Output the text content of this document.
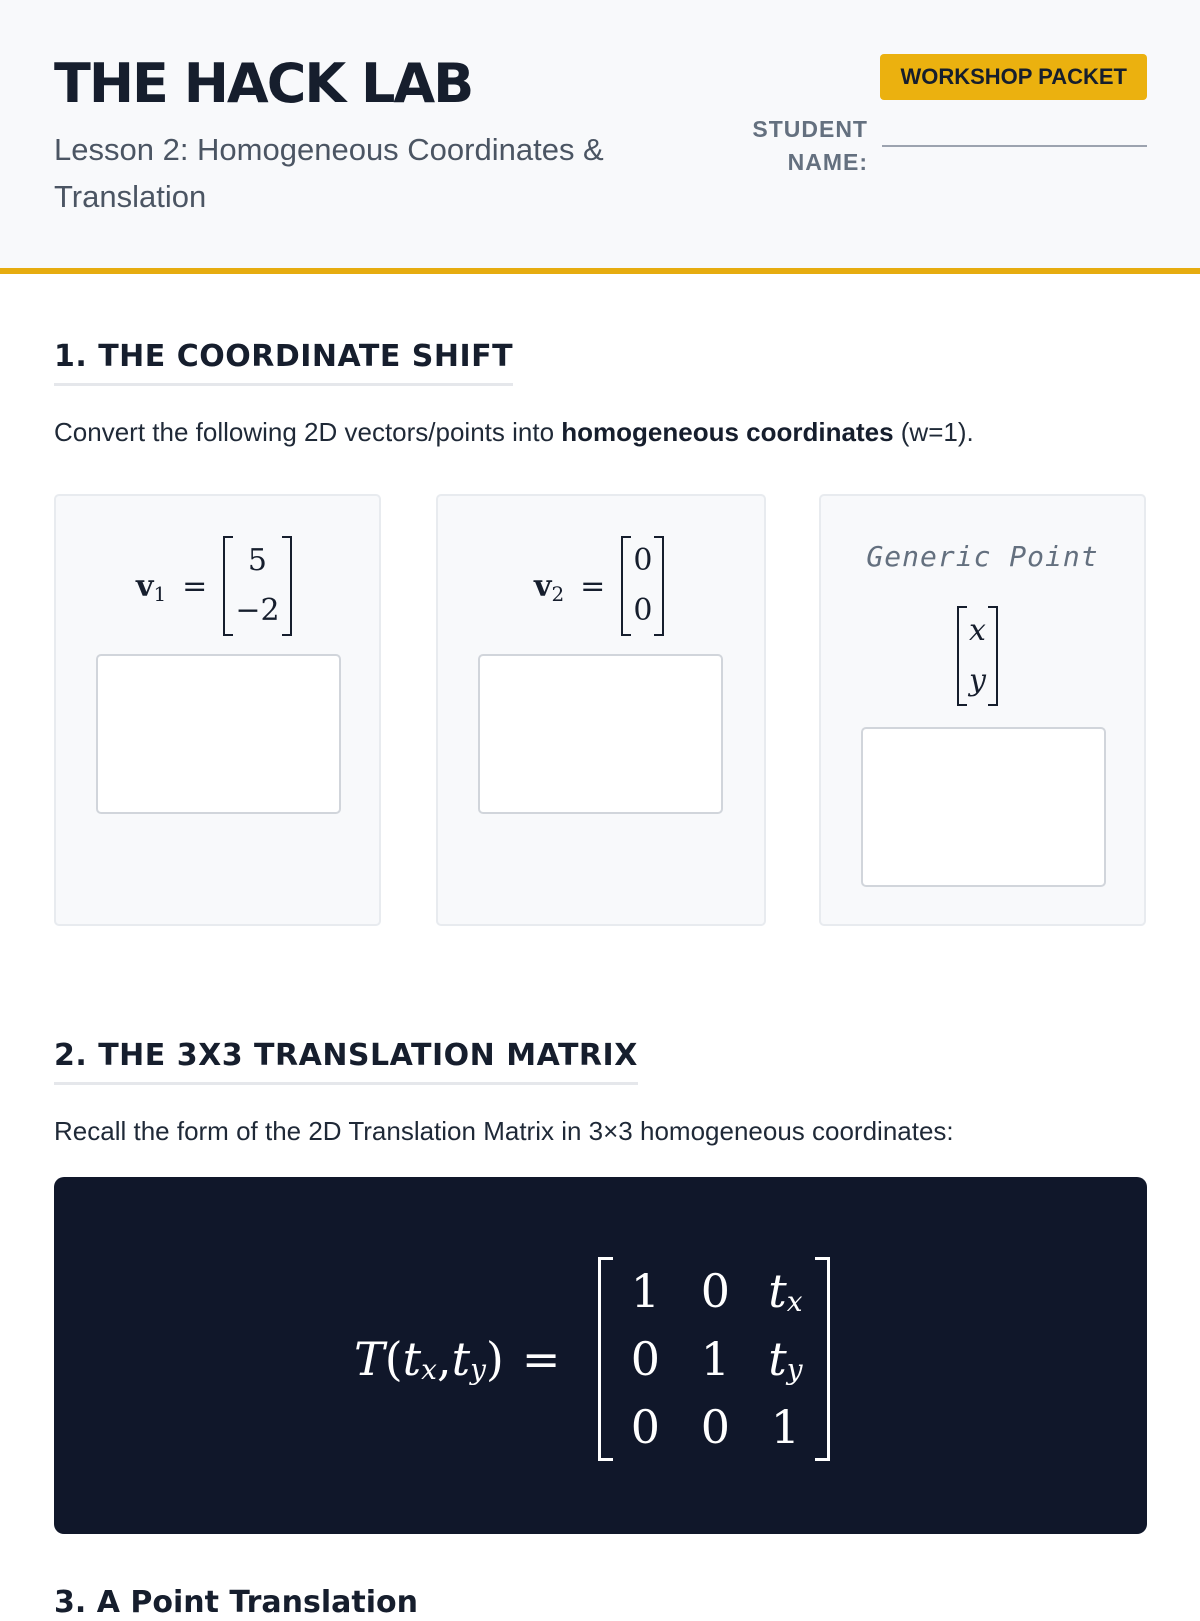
THE HACK LAB

Lesson 2: Homogeneous Coordinates & Translation

WORKSHOP PACKET
STUDENT
NAME:
1. THE COORDINATE SHIFT

Convert the following 2D vectors/points into homogeneous coordinates (w=1).

v 1 =
5
−2
v 2 =
0
0
Generic Point
x
y
2. THE 3X3 TRANSLATION MATRIX

Recall the form of the 2D Translation Matrix in 3×3 homogeneous coordinates:

T ( t x , t y ) =
1 0 t x
0 1 t y
0 0 1
3. A Point Translation
